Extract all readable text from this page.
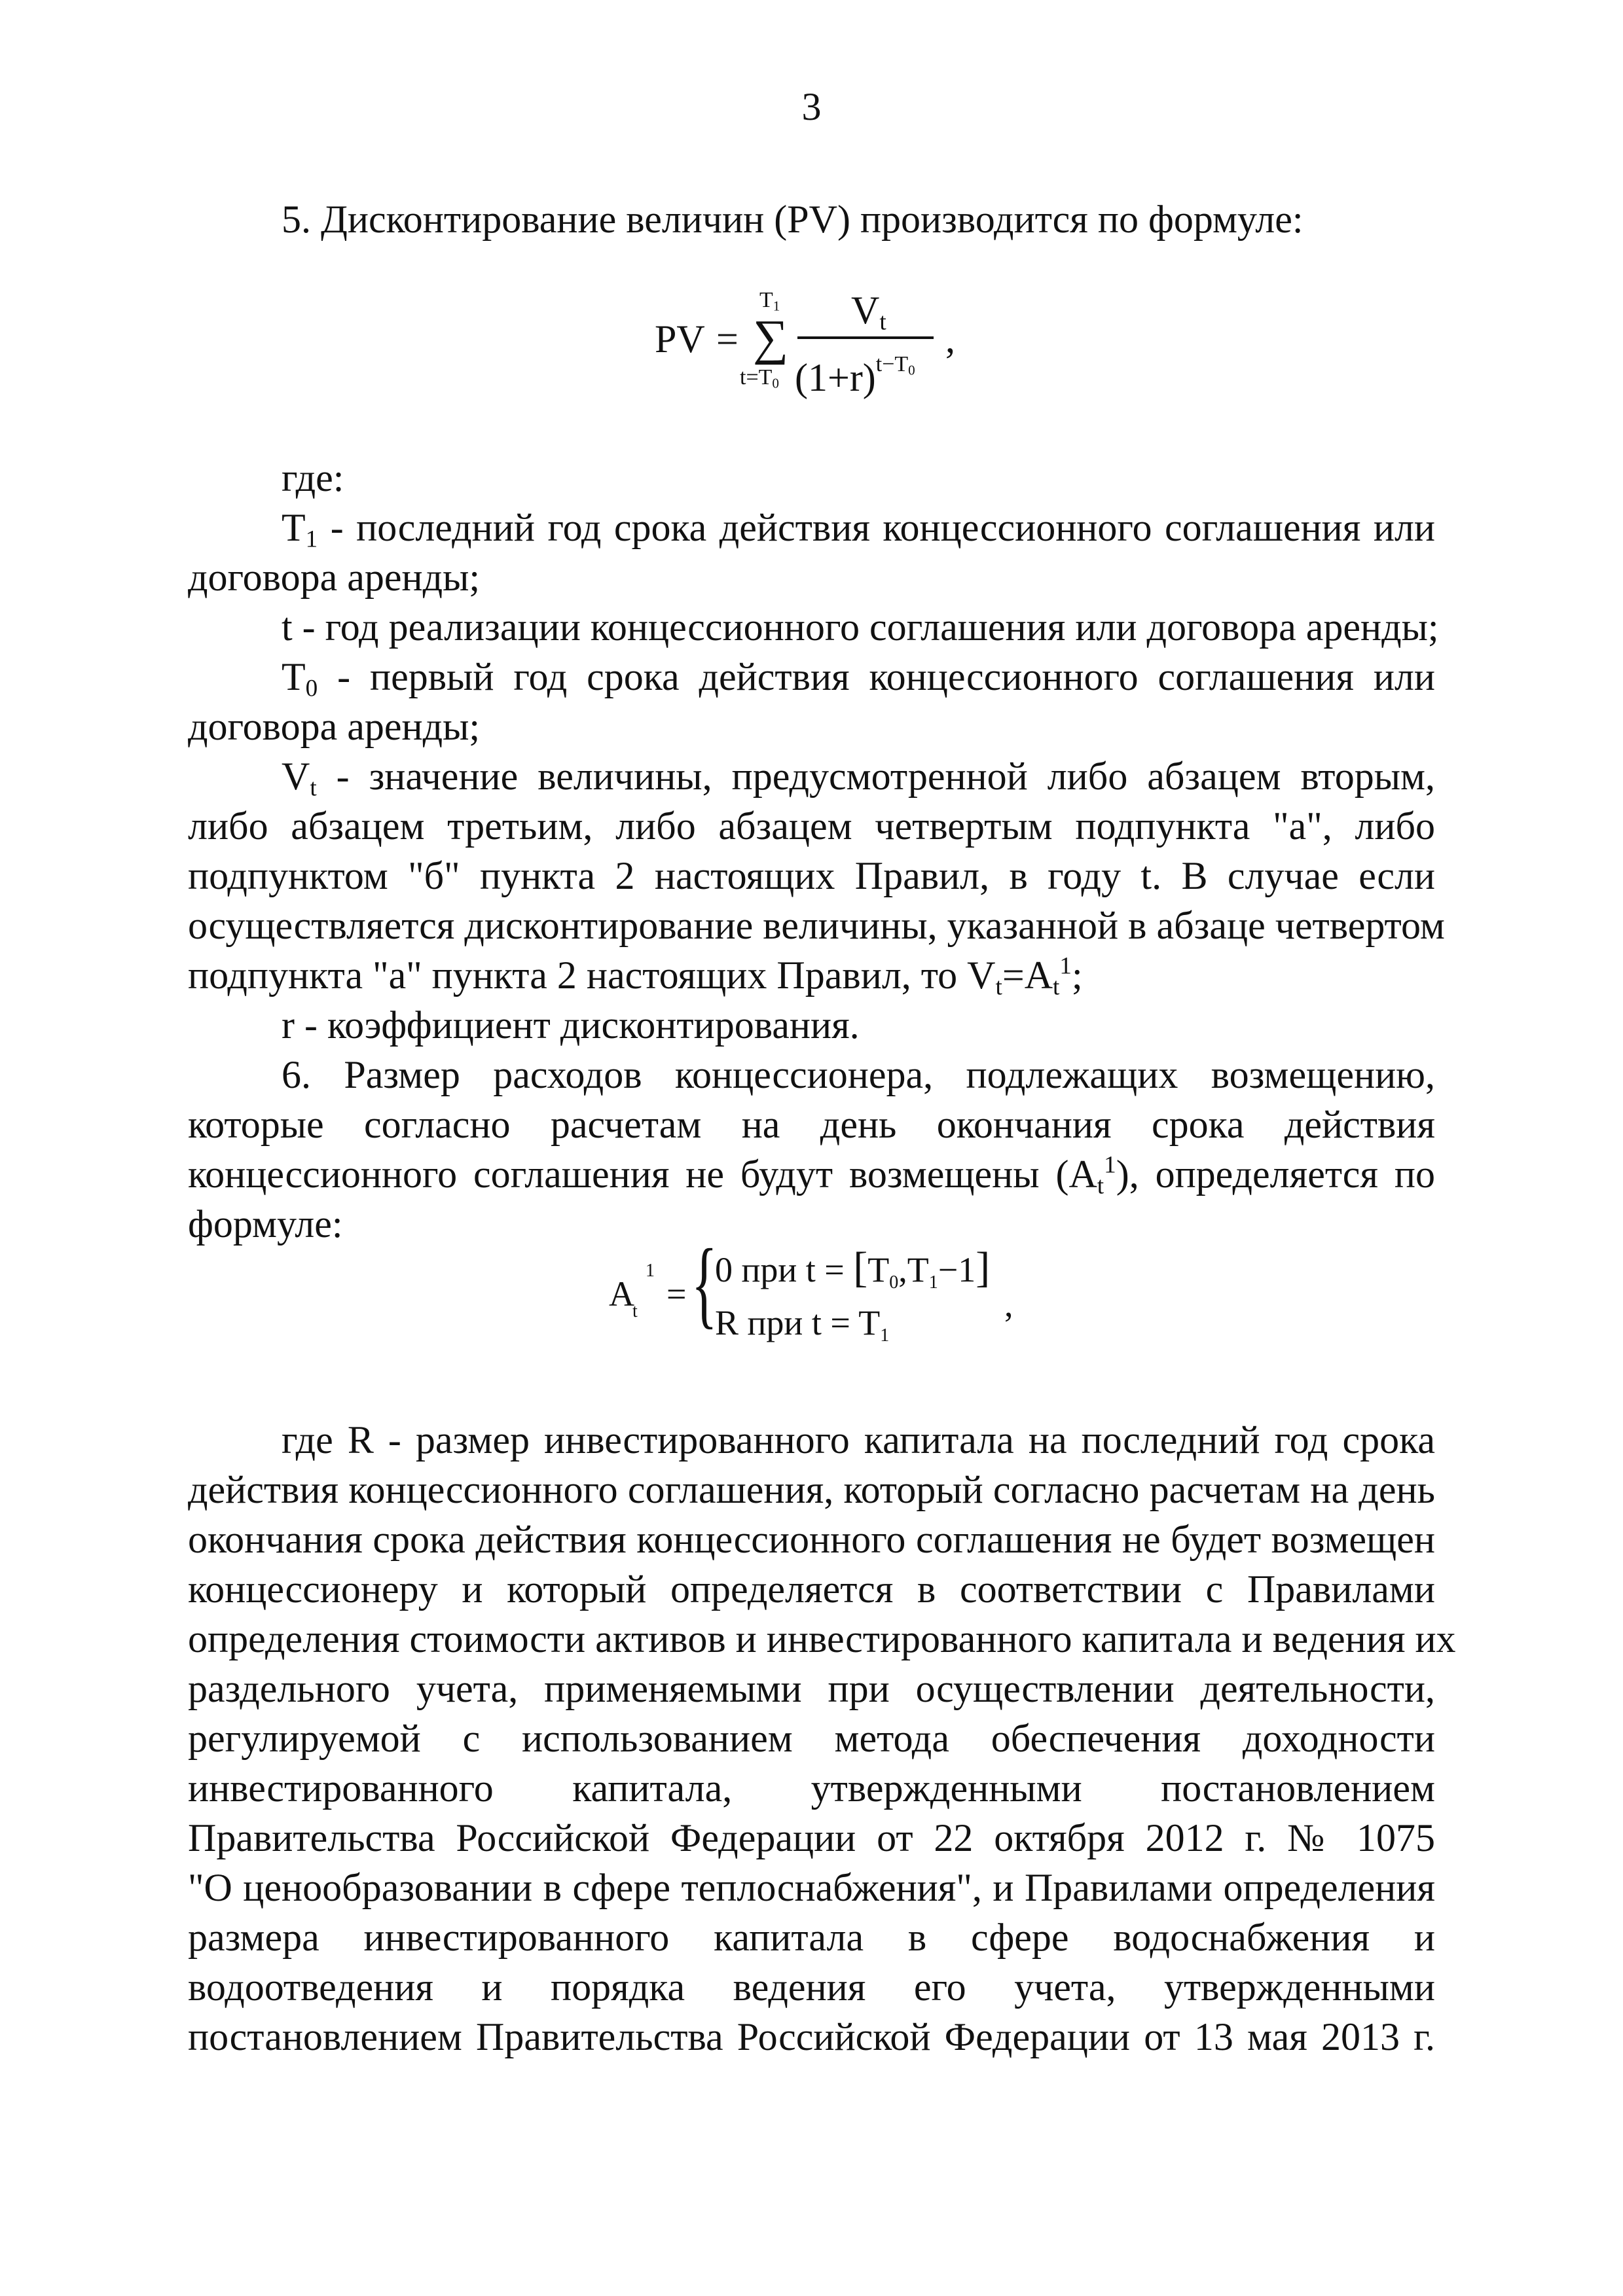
3
5. Дисконтирование величин (PV) производится по формуле:
PV =
$T_1$
∑
$t=T_0$
$V_t$
$(1+r)^{t-T_0}$
,
где:
$T_1$ - последний год срока действия концессионного соглашения или
договора аренды;
t - год реализации концессионного соглашения или договора аренды;
$T_0$ - первый год срока действия концессионного соглашения или
договора аренды;
$V_t$ - значение величины, предусмотренной либо абзацем вторым,
либо абзацем третьим, либо абзацем четвертым подпункта "а", либо
подпунктом "б" пункта 2 настоящих Правил, в году t. В случае если
осуществляется дисконтирование величины, указанной в абзаце четвертом
подпункта "а" пункта 2 настоящих Правил, то $V_t=A_t^1$;
r - коэффициент дисконтирования.
6. Размер расходов концессионера, подлежащих возмещению,
которые согласно расчетам на день окончания срока действия
концессионного соглашения не будут возмещены $(A_t^1)$, определяется по
формуле:
A
1
t = {
0 при t = [T0,T1−1]
R при t = T1
,
где R - размер инвестированного капитала на последний год срока
действия концессионного соглашения, который согласно расчетам на день
окончания срока действия концессионного соглашения не будет возмещен
концессионеру и который определяется в соответствии с Правилами
определения стоимости активов и инвестированного капитала и ведения их
раздельного учета, применяемыми при осуществлении деятельности,
регулируемой с использованием метода обеспечения доходности
инвестированного капитала, утвержденными постановлением
Правительства Российской Федерации от 22 октября 2012 г. № 1075
"О ценообразовании в сфере теплоснабжения", и Правилами определения
размера инвестированного капитала в сфере водоснабжения и
водоотведения и порядка ведения его учета, утвержденными
постановлением Правительства Российской Федерации от 13 мая 2013 г.
